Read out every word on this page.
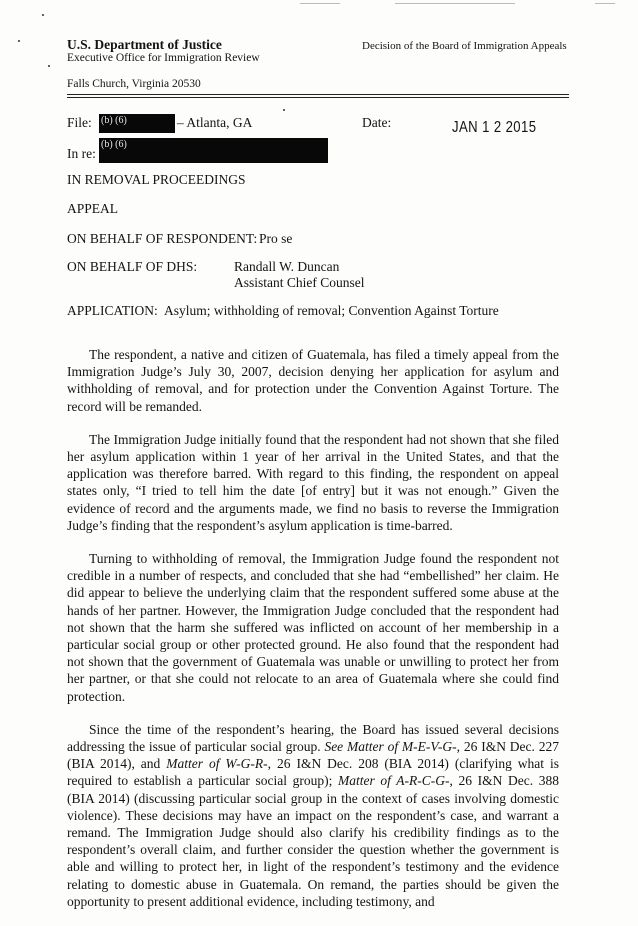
U.S. Department of Justice
Executive Office for Immigration Review
Decision of the Board of Immigration Appeals
Falls Church, Virginia 20530
File: (b) (6)	– Atlanta, GA	Date:	JAN 1 2 2015
In re:
(b) (6)
IN REMOVAL PROCEEDINGS
APPEAL
ON BEHALF OF RESPONDENT: Pro se
ON BEHALF OF DHS:	Randall W. Duncan
Assistant Chief Counsel
APPLICATION: Asylum; withholding of removal; Convention Against Torture

The respondent, a native and citizen of Guatemala, has filed a timely appeal from the Immigration Judge’s July 30, 2007, decision denying her application for asylum and withholding of removal, and for protection under the Convention Against Torture. The record will be remanded.

The Immigration Judge initially found that the respondent had not shown that she filed her asylum application within 1 year of her arrival in the United States, and that the application was therefore barred. With regard to this finding, the respondent on appeal states only, “I tried to tell him the date [of entry] but it was not enough.” Given the evidence of record and the arguments made, we find no basis to reverse the Immigration Judge’s finding that the respondent’s asylum application is time-barred.

Turning to withholding of removal, the Immigration Judge found the respondent not credible in a number of respects, and concluded that she had “embellished” her claim. He did appear to believe the underlying claim that the respondent suffered some abuse at the hands of her partner. However, the Immigration Judge concluded that the respondent had not shown that the harm she suffered was inflicted on account of her membership in a particular social group or other protected ground. He also found that the respondent had not shown that the government of Guatemala was unable or unwilling to protect her from her partner, or that she could not relocate to an area of Guatemala where she could find protection.

Since the time of the respondent’s hearing, the Board has issued several decisions addressing the issue of particular social group. See Matter of M-E-V-G-, 26 I&N Dec. 227 (BIA 2014), and Matter of W-G-R-, 26 I&N Dec. 208 (BIA 2014) (clarifying what is required to establish a particular social group); Matter of A-R-C-G-, 26 I&N Dec. 388 (BIA 2014) (discussing particular social group in the context of cases involving domestic violence). These decisions may have an impact on the respondent’s case, and warrant a remand. The Immigration Judge should also clarify his credibility findings as to the respondent’s overall claim, and further consider the question whether the government is able and willing to protect her, in light of the respondent’s testimony and the evidence relating to domestic abuse in Guatemala. On remand, the parties should be given the opportunity to present additional evidence, including testimony, and
